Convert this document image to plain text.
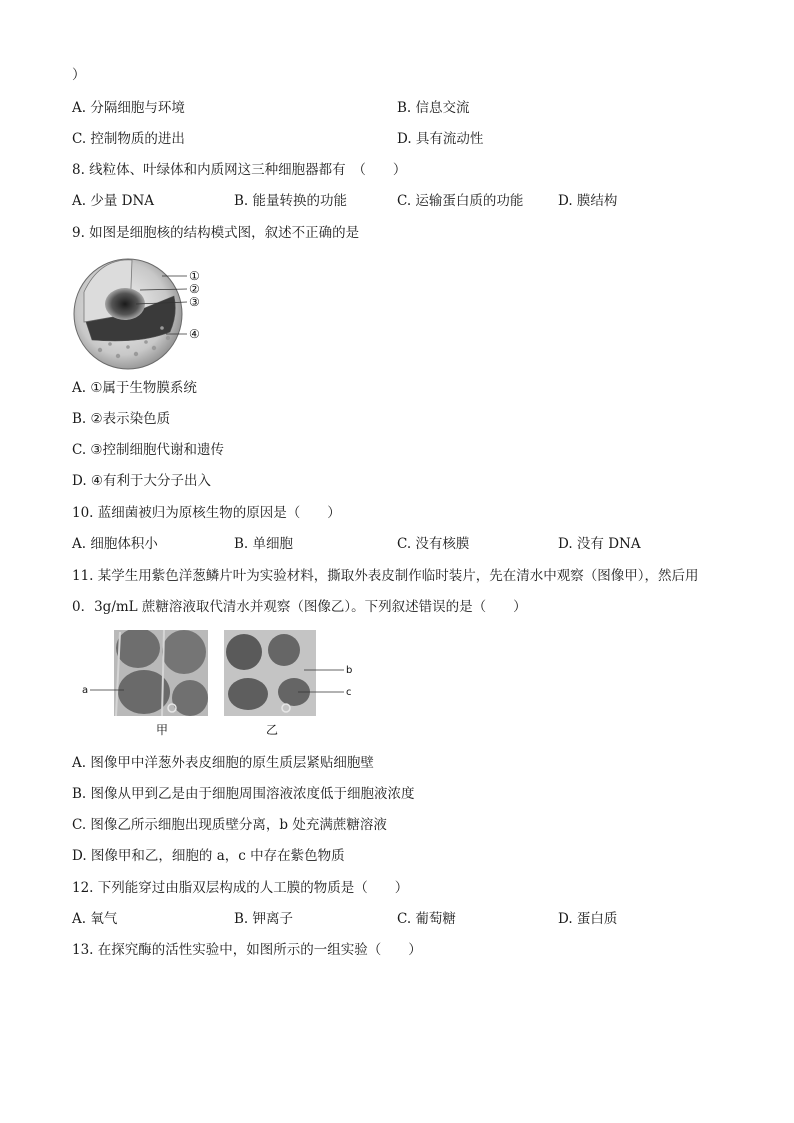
）
A. 分隔细胞与环境	B. 信息交流
C. 控制物质的进出	D. 具有流动性
8. 线粒体、叶绿体和内质网这三种细胞器都有　（　　）
A. 少量 DNA	B. 能量转换的功能	C. 运输蛋白质的功能	D. 膜结构
9. 如图是细胞核的结构模式图，叙述不正确的是
①
②
③
④
A. ①属于生物膜系统
B. ②表示染色质
C. ③控制细胞代谢和遗传
D. ④有利于大分子出入
10. 蓝细菌被归为原核生物的原因是（　　）
A. 细胞体积小	B. 单细胞	C. 没有核膜	D. 没有 DNA
11. 某学生用紫色洋葱鳞片叶为实验材料，撕取外表皮制作临时装片，先在清水中观察（图像甲），然后用
0．3g/mL 蔗糖溶液取代清水并观察（图像乙）。下列叙述错误的是（　　）
a
b
c
甲	乙
A. 图像甲中洋葱外表皮细胞的原生质层紧贴细胞壁
B. 图像从甲到乙是由于细胞周围溶液浓度低于细胞液浓度
C. 图像乙所示细胞出现质壁分离，b 处充满蔗糖溶液
D. 图像甲和乙，细胞的 a，c 中存在紫色物质
12. 下列能穿过由脂双层构成的人工膜的物质是（　　）
A. 氧气	B. 钾离子	C. 葡萄糖	D. 蛋白质
13. 在探究酶的活性实验中，如图所示的一组实验（　　）
